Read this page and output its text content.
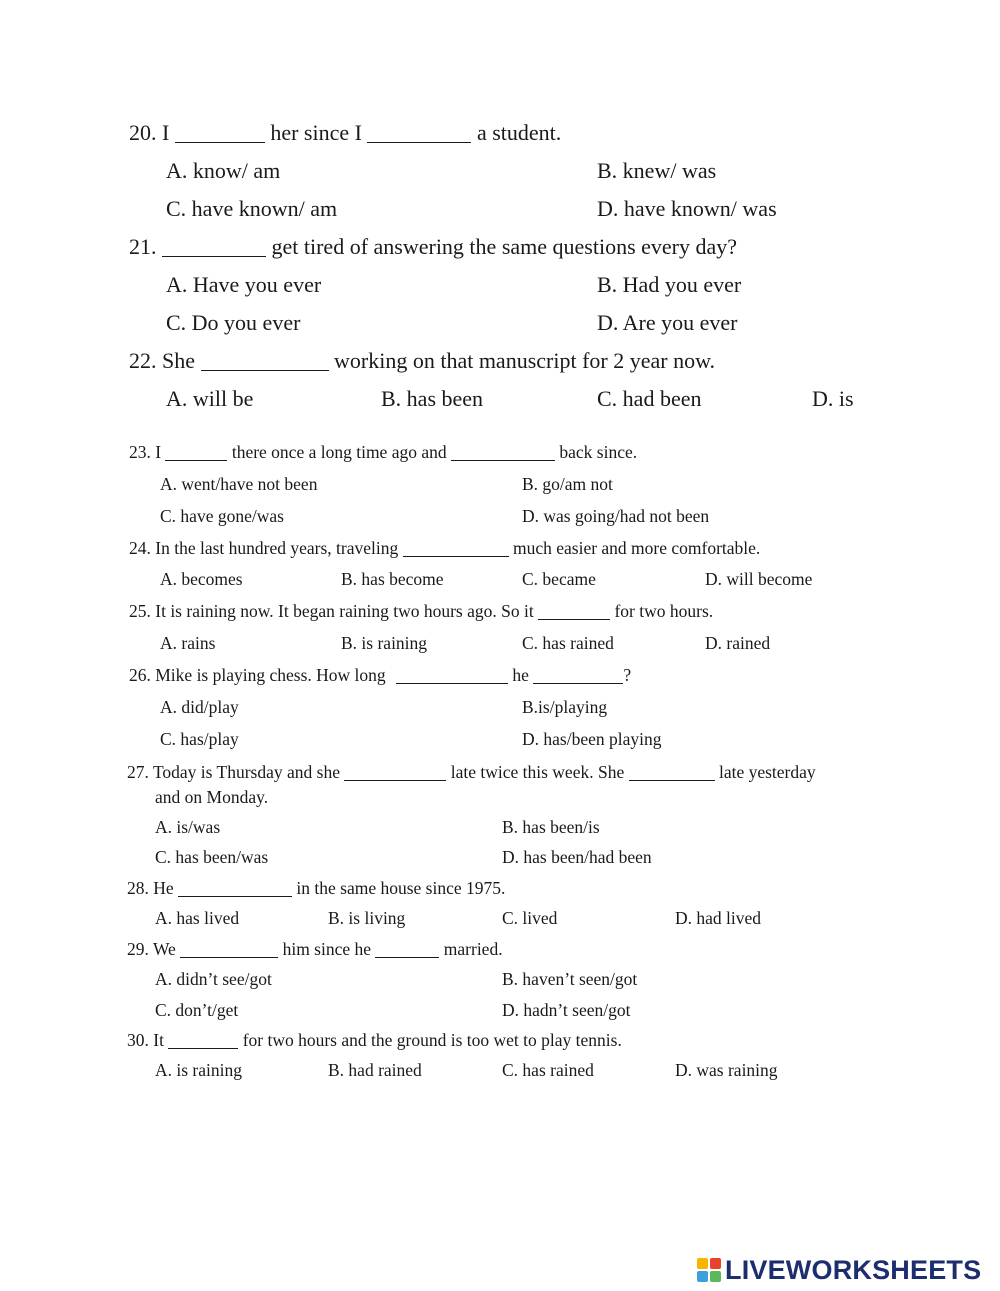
20. I	her since I	a student.
A. know/ am	B. knew/ was
C. have known/ am	D. have known/ was
21.	get tired of answering the same questions every day?
A. Have you ever	B. Had you ever
C. Do you ever	D. Are you ever
22. She	working on that manuscript for 2 year now.
A. will be	B. has been	C. had been	D. is
23. I	there once a long time ago and	back since.
A. went/have not been	B. go/am not
C. have gone/was	D. was going/had not been
24. In the last hundred years, traveling	much easier and more comfortable.
A. becomes	B. has become	C. became	D. will become
25. It is raining now. It began raining two hours ago. So it	for two hours.
A. rains	B. is raining	C. has rained	D. rained
26. Mike is playing chess. How long	he	?
A. did/play	B.is/playing
C. has/play	D. has/been playing
27. Today is Thursday and she	late twice this week. She	late yesterday
and on Monday.
A. is/was	B. has been/is
C. has been/was	D. has been/had been
28. He	in the same house since 1975.
A. has lived	B. is living	C. lived	D. had lived
29. We	him since he	married.
A. didn’t see/got	B. haven’t seen/got
C. don’t/get	D. hadn’t seen/got
30. It	for two hours and the ground is too wet to play tennis.
A. is raining	B. had rained	C. has rained	D. was raining
LIVEWORKSHEETS
